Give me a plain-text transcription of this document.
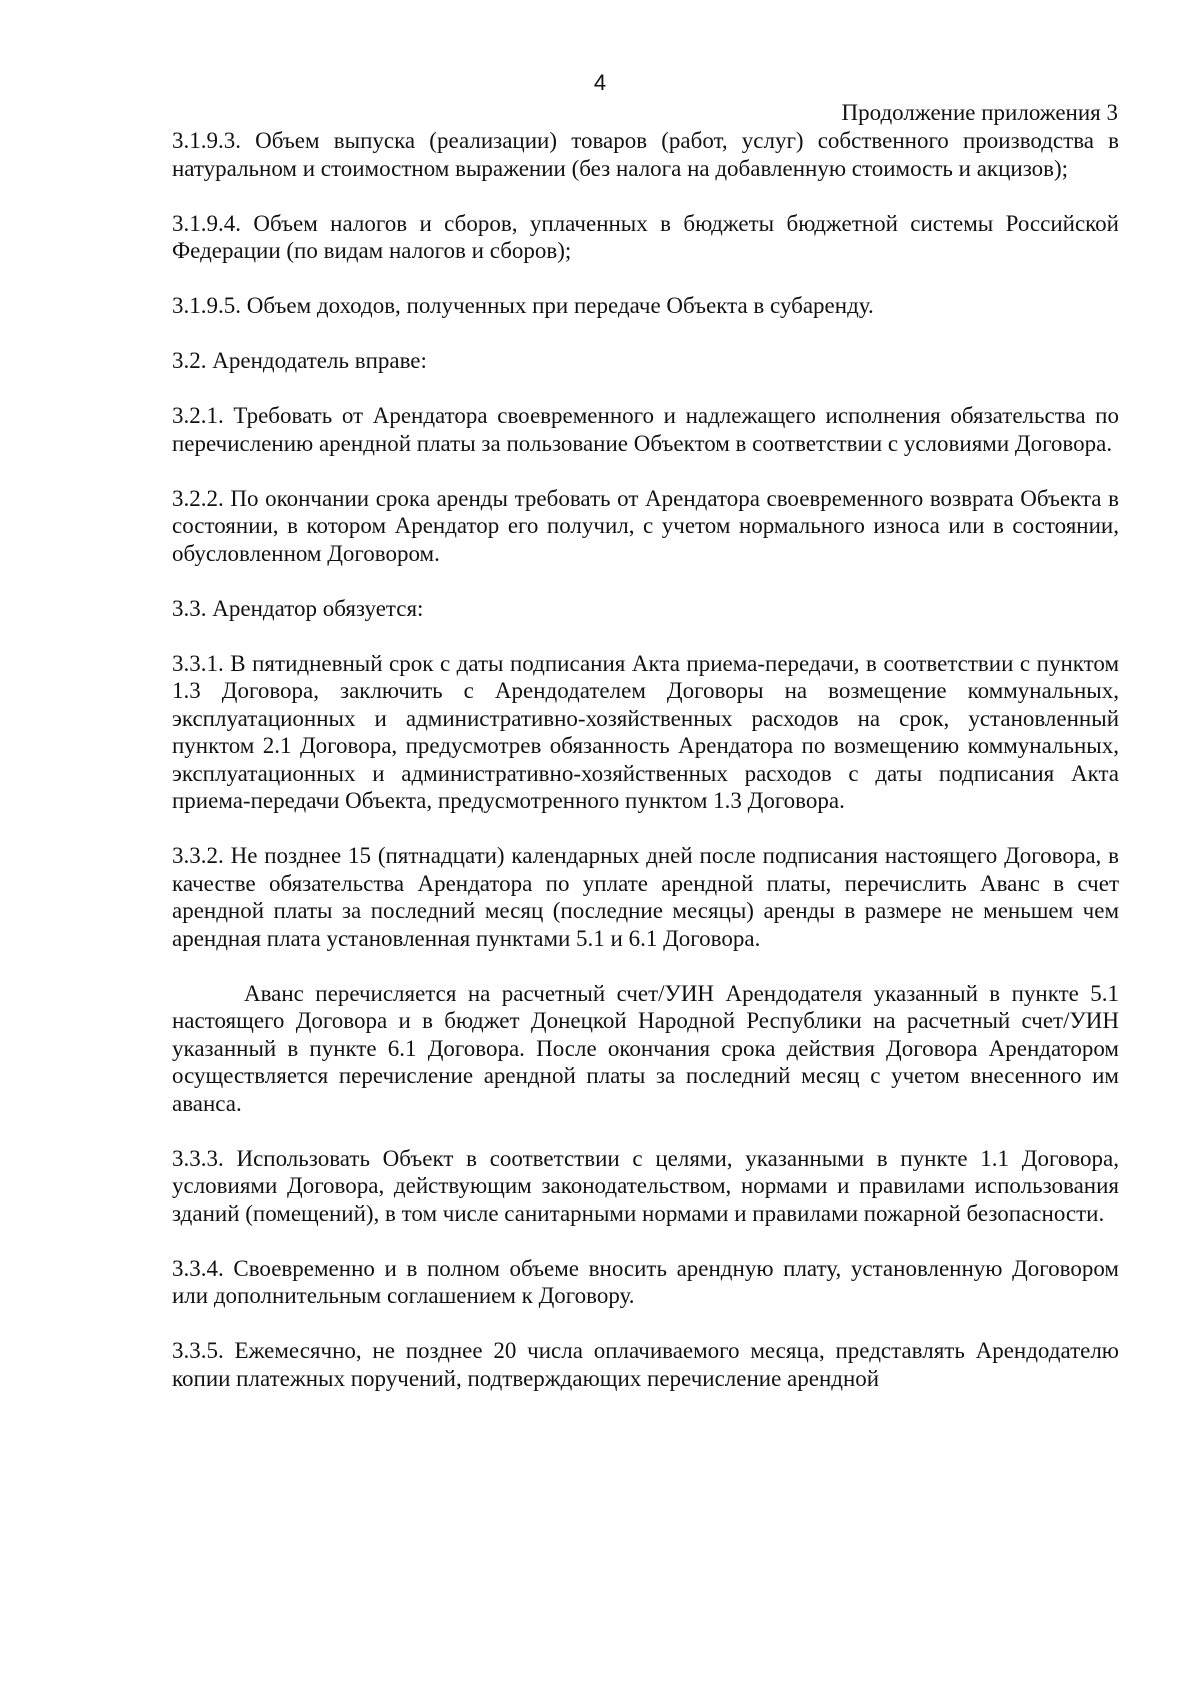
4
Продолжение приложения 3

3.1.9.3. Объем выпуска (реализации) товаров (работ, услуг) собственного производства в натуральном и стоимостном выражении (без налога на добавленную стоимость и акцизов);

3.1.9.4. Объем налогов и сборов, уплаченных в бюджеты бюджетной системы Российской Федерации (по видам налогов и сборов);

3.1.9.5. Объем доходов, полученных при передаче Объекта в субаренду.

3.2. Арендодатель вправе:

3.2.1. Требовать от Арендатора своевременного и надлежащего исполнения обязательства по перечислению арендной платы за пользование Объектом в соответствии с условиями Договора.

3.2.2. По окончании срока аренды требовать от Арендатора своевременного возврата Объекта в состоянии, в котором Арендатор его получил, с учетом нормального износа или в состоянии, обусловленном Договором.

3.3. Арендатор обязуется:

3.3.1. В пятидневный срок с даты подписания Акта приема-передачи, в соответствии с пунктом 1.3 Договора, заключить с Арендодателем Договоры на возмещение коммунальных, эксплуатационных и административно-хозяйственных расходов на срок, установленный пунктом 2.1 Договора, предусмотрев обязанность Арендатора по возмещению коммунальных, эксплуатационных и административно-хозяйственных расходов с даты подписания Акта приема-передачи Объекта, предусмотренного пунктом 1.3 Договора.

3.3.2. Не позднее 15 (пятнадцати) календарных дней после подписания настоящего Договора, в качестве обязательства Арендатора по уплате арендной платы, перечислить Аванс в счет арендной платы за последний месяц (последние месяцы) аренды в размере не меньшем чем арендная плата установленная пунктами 5.1 и 6.1 Договора.

Аванс перечисляется на расчетный счет/УИН Арендодателя указанный в пункте 5.1 настоящего Договора и в бюджет Донецкой Народной Республики на расчетный счет/УИН указанный в пункте 6.1 Договора. После окончания срока действия Договора Арендатором осуществляется перечисление арендной платы за последний месяц с учетом внесенного им аванса.

3.3.3. Использовать Объект в соответствии с целями, указанными в пункте 1.1 Договора, условиями Договора, действующим законодательством, нормами и правилами использования зданий (помещений), в том числе санитарными нормами и правилами пожарной безопасности.

3.3.4. Своевременно и в полном объеме вносить арендную плату, установленную Договором или дополнительным соглашением к Договору.

3.3.5. Ежемесячно, не позднее 20 числа оплачиваемого месяца, представлять Арендодателю копии платежных поручений, подтверждающих перечисление арендной
